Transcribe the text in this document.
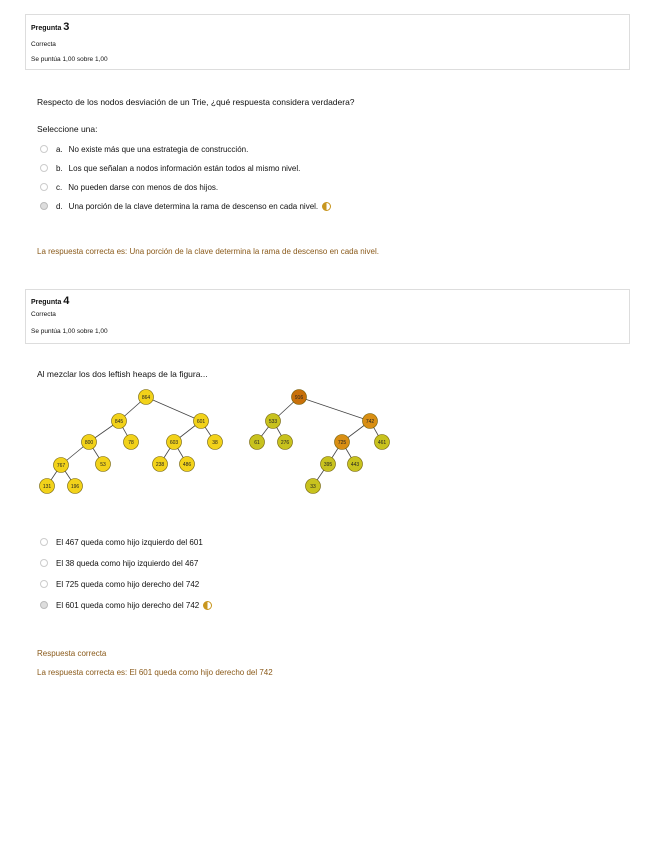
Pregunta 3
Correcta
Se puntúa 1,00 sobre 1,00
Respecto de los nodos desviación de un Trie, ¿qué respuesta considera verdadera?
Seleccione una:
a. No existe más que una estrategia de construcción.
b. Los que señalan a nodos información están todos al mismo nivel.
c. No pueden darse con menos de dos hijos.
d. Una porción de la clave determina la rama de descenso en cada nivel.
La respuesta correcta es: Una porción de la clave determina la rama de descenso en cada nivel.
Pregunta 4
Correcta
Se puntúa 1,00 sobre 1,00
Al mezclar los dos leftish heaps de la figura...
864
845	601
800	78	603	38
767	53	238	486
131	196
916
533	742
61	276	725	461
395	443
33
El 467 queda como hijo izquierdo del 601
El 38 queda como hijo izquierdo del 467
El 725 queda como hijo derecho del 742
El 601 queda como hijo derecho del 742
Respuesta correcta
La respuesta correcta es: El 601 queda como hijo derecho del 742
